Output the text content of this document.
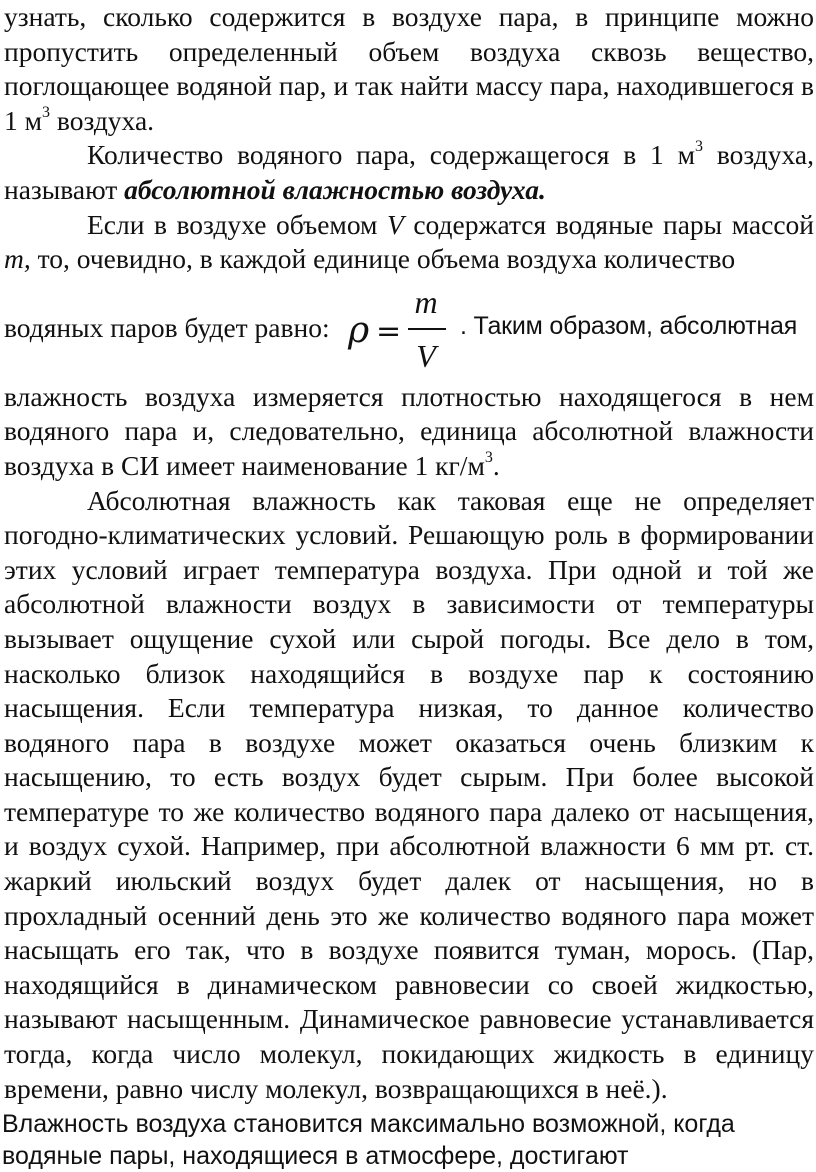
узнать, сколько содержится в воздухе пара, в принципе можно пропустить определенный объем воздуха сквозь вещество, поглощающее водяной пар, и так найти массу пара, находившегося в 1 $м^3$ воздуха.

Количество водяного пара, содержащегося в 1 $м^3$ воздуха, называют абсолютной влажностью воздуха.

Если в воздухе объемом V содержатся водяные пары массой m, то, очевидно, в каждой единице объема воздуха количество

водяных паров будет равно: ρ =
m
V
. Таким образом, абсолютная

влажность воздуха измеряется плотностью находящегося в нем водяного пара и, следовательно, единица абсолютной влажности воздуха в СИ имеет наименование 1 $кг/м^3$.

Абсолютная влажность как таковая еще не определяет погодно-климатических условий. Решающую роль в формировании этих условий играет температура воздуха. При одной и той же абсолютной влажности воздух в зависимости от температуры вызывает ощущение сухой или сырой погоды. Все дело в том, насколько близок находящийся в воздухе пар к состоянию насыщения. Если температура низкая, то данное количество водяного пара в воздухе может оказаться очень близким к насыщению, то есть воздух будет сырым. При более высокой температуре то же количество водяного пара далеко от насыщения, и воздух сухой. Например, при абсолютной влажности 6 мм рт. ст. жаркий июльский воздух будет далек от насыщения, но в прохладный осенний день это же количество водяного пара может насыщать его так, что в воздухе появится туман, морось. (Пар, находящийся в динамическом равновесии со своей жидкостью, называют насыщенным. Динамическое равновесие устанавливается тогда, когда число молекул, покидающих жидкость в единицу времени, равно числу молекул, возвращающихся в неё.).

Влажность воздуха становится максимально возможной, когда
водяные пары, находящиеся в атмосфере, достигают
